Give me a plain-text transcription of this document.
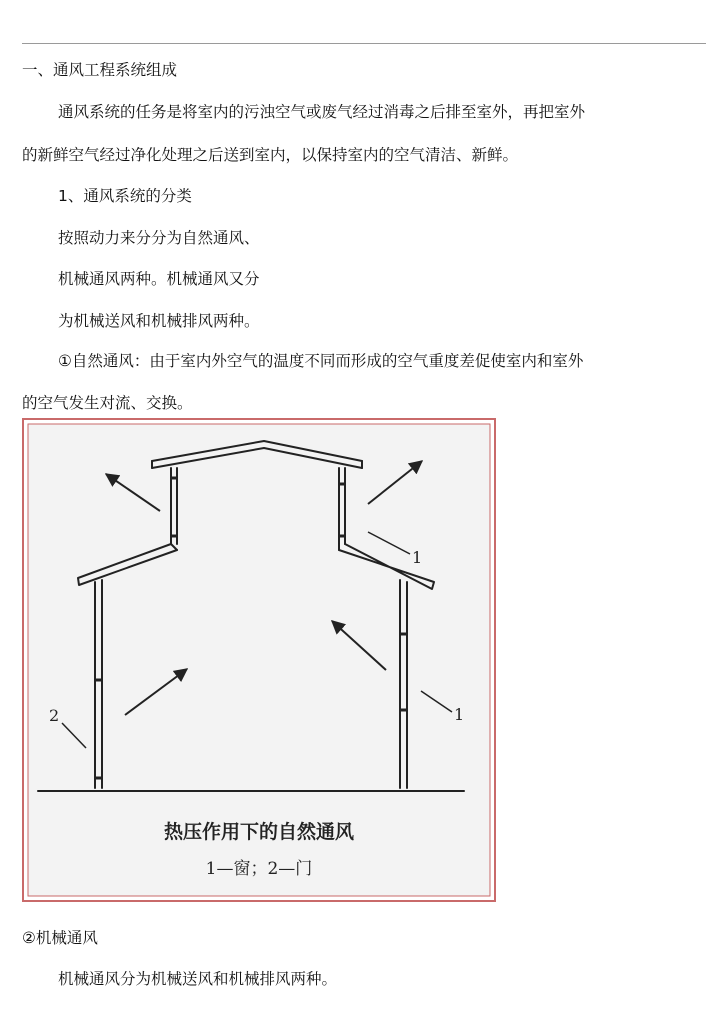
一、通风工程系统组成
通风系统的任务是将室内的污浊空气或废气经过消毒之后排至室外，再把室外
的新鲜空气经过净化处理之后送到室内，以保持室内的空气清洁、新鲜。
1、通风系统的分类
按照动力来分分为自然通风、
机械通风两种。机械通风又分
为机械送风和机械排风两种。
①自然通风：由于室内外空气的温度不同而形成的空气重度差促使室内和室外
的空气发生对流、交换。
1
1
2
热压作用下的自然通风
1—窗；2—门
②机械通风
机械通风分为机械送风和机械排风两种。
